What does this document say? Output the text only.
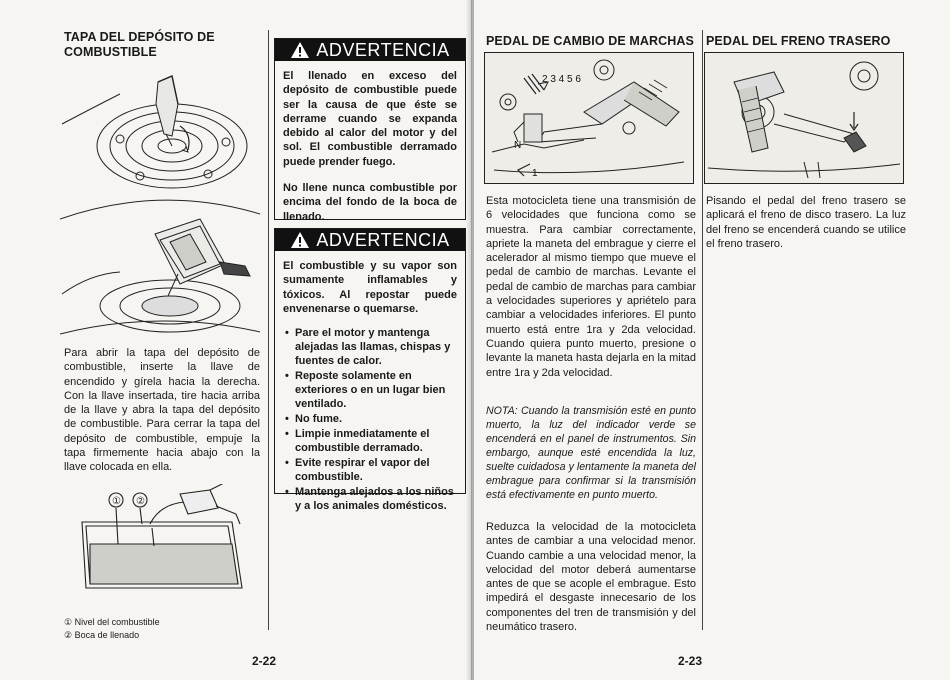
TAPA DEL DEPÓSITO DE COMBUSTIBLE

Para abrir la tapa del depósito de combustible, inserte la llave de encendido y gírela hacia la derecha. Con la llave insertada, tire hacia arriba de la llave y abra la tapa del depósito de combustible. Para cerrar la tapa del depósito de combustible, empuje la tapa firmemente hacia abajo con la llave colocada en ella.

① ②
① Nivel del combustible
② Boca de llenado
ADVERTENCIA

El llenado en exceso del depósito de combustible puede ser la causa de que éste se derrame cuando se expanda debido al calor del motor y del sol. El combustible derramado puede prender fuego.

No llene nunca combustible por encima del fondo de la boca de llenado.

ADVERTENCIA

El combustible y su vapor son sumamente inflamables y tóxicos. Al repostar puede envenenarse o quemarse.

• Pare el motor y mantenga alejadas las llamas, chispas y fuentes de calor.
• Reposte solamente en exteriores o en un lugar bien ventilado.
• No fume.
• Limpie inmediatamente el combustible derramado.
• Evite respirar el vapor del combustible.
• Mantenga alejados a los niños y a los animales domésticos.
2-22
PEDAL DE CAMBIO DE MARCHAS
2 3 4 5 6
N
1

Esta motocicleta tiene una transmisión de 6 velocidades que funciona como se muestra. Para cambiar correctamente, apriete la maneta del embrague y cierre el acelerador al mismo tiempo que mueve el pedal de cambio de marchas. Levante el pedal de cambio de marchas para cambiar a velocidades superiores y apriételo para cambiar a velocidades inferiores. El punto muerto está entre 1ra y 2da velocidad. Cuando quiera punto muerto, presione o levante la maneta hasta dejarla en la mitad entre 1ra y 2da velocidad.

NOTA: Cuando la transmisión esté en punto muerto, la luz del indicador verde se encenderá en el panel de instrumentos. Sin embargo, aunque esté encendida la luz, suelte cuidadosa y lentamente la maneta del embrague para confirmar si la transmisión está efectivamente en punto muerto.

Reduzca la velocidad de la motocicleta antes de cambiar a una velocidad menor. Cuando cambie a una velocidad menor, la velocidad del motor deberá aumentarse antes de que se acople el embrague. Esto impedirá el desgaste innecesario de los componentes del tren de transmisión y del neumático trasero.

PEDAL DEL FRENO TRASERO

Pisando el pedal del freno trasero se aplicará el freno de disco trasero. La luz del freno se encenderá cuando se utilice el freno trasero.

2-23
